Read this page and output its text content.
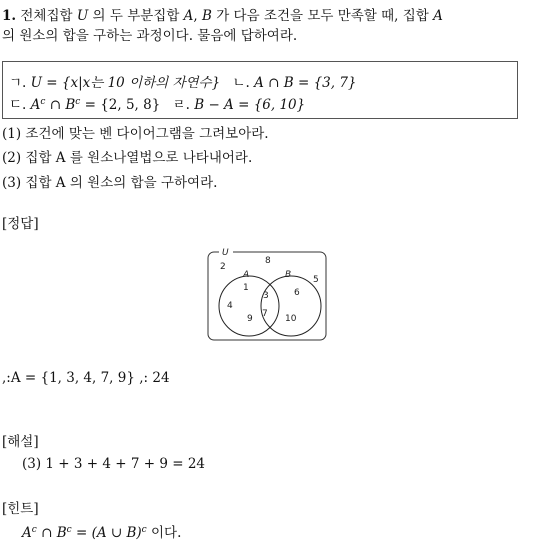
1. 전체집합 U 의 두 부분집합 A, B 가 다음 조건을 모두 만족할 때, 집합 A
의 원소의 합을 구하는 과정이다. 물음에 답하여라.
ㄱ. U = {x|x는 10 이하의 자연수} ㄴ. A ∩ B = {3, 7}
ㄷ. $A^c$ ∩ $B^c = \{2$, 5, 8} ㄹ. B − A = {6, 10}
(1) 조건에 맞는 벤 다이어그램을 그려보아라.
(2) 집합 A 를 원소나열법으로 나타내어라.
(3) 집합 A 의 원소의 합을 구하여라.
[정답]
U
A	B
2
8
5
1
4
9
3
7
6
10
,:A = {1, 3, 4, 7, 9} ,: 24
[해설]
(3) 1 + 3 + 4 + 7 + 9 = 24
[힌트]
$A^c$ ∩ $B^c = (A$ ∪ B)$^c$ 이다.
